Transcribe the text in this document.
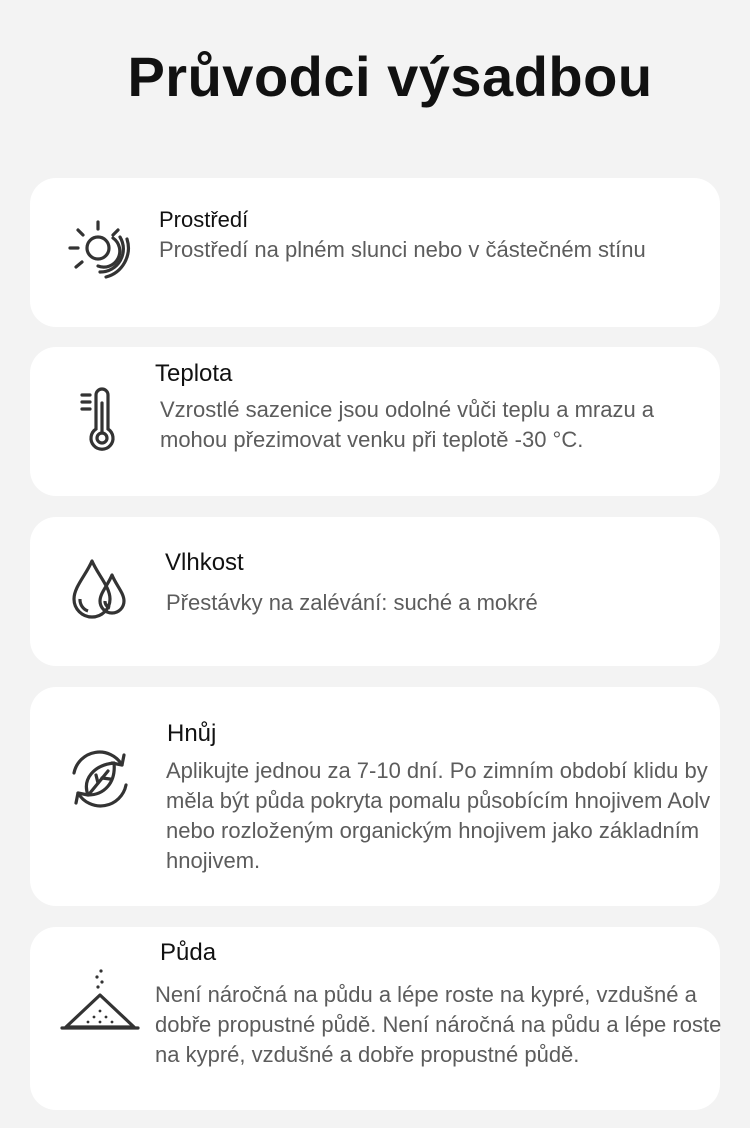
Průvodci výsadbou
Prostředí
Prostředí na plném slunci nebo v částečném stínu
Teplota
Vzrostlé sazenice jsou odolné vůči teplu a mrazu a mohou přezimovat venku při teplotě -30 °C.
Vlhkost
Přestávky na zalévání: suché a mokré
Hnůj
Aplikujte jednou za 7-10 dní. Po zimním období klidu by měla být půda pokryta pomalu působícím hnojivem Aolv nebo rozloženým organickým hnojivem jako základním hnojivem.
Půda
Není náročná na půdu a lépe roste na kypré, vzdušné a dobře propustné půdě. Není náročná na půdu a lépe roste na kypré, vzdušné a dobře propustné půdě.
